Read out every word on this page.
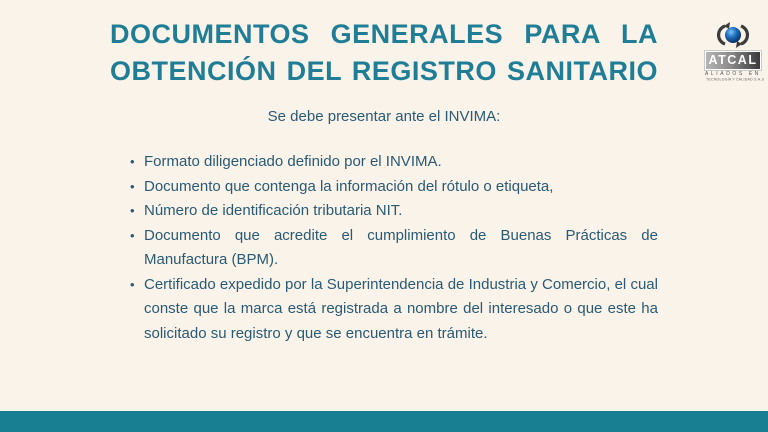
DOCUMENTOS GENERALES PARA LA
OBTENCIÓN DEL REGISTRO SANITARIO	ATCAL
ALIADOS EN
TECNOLOGÍA Y CALIDAD S.A.S

Se debe presentar ante el INVIMA:

• Formato diligenciado definido por el INVIMA.
• Documento que contenga la información del rótulo o etiqueta,
• Número de identificación tributaria NIT.
• Documento que acredite el cumplimiento de Buenas Prácticas de Manufactura (BPM).
• Certificado expedido por la Superintendencia de Industria y Comercio, el cual conste que la marca está registrada a nombre del interesado o que este ha solicitado su registro y que se encuentra en trámite.
